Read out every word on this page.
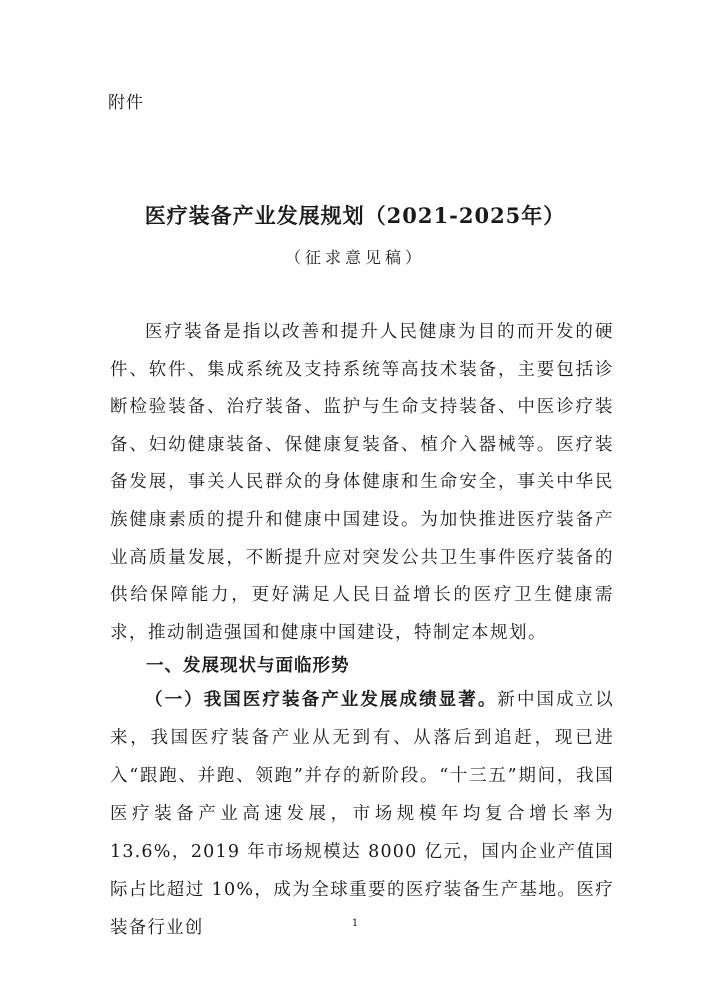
附件
医疗装备产业发展规划（2021-2025年）
（征求意见稿）

医疗装备是指以改善和提升人民健康为目的而开发的硬件、软件、集成系统及支持系统等高技术装备，主要包括诊断检验装备、治疗装备、监护与生命支持装备、中医诊疗装备、妇幼健康装备、保健康复装备、植介入器械等。医疗装备发展，事关人民群众的身体健康和生命安全，事关中华民族健康素质的提升和健康中国建设。为加快推进医疗装备产业高质量发展，不断提升应对突发公共卫生事件医疗装备的供给保障能力，更好满足人民日益增长的医疗卫生健康需求，推动制造强国和健康中国建设，特制定本规划。

一、发展现状与面临形势

（一）我国医疗装备产业发展成绩显著。新中国成立以来，我国医疗装备产业从无到有、从落后到追赶，现已进入“跟跑、并跑、领跑”并存的新阶段。“十三五”期间，我国医疗装备产业高速发展，市场规模年均复合增长率为 13.6%，2019 年市场规模达 8000 亿元，国内企业产值国际占比超过 10%，成为全球重要的医疗装备生产基地。医疗装备行业创	1
